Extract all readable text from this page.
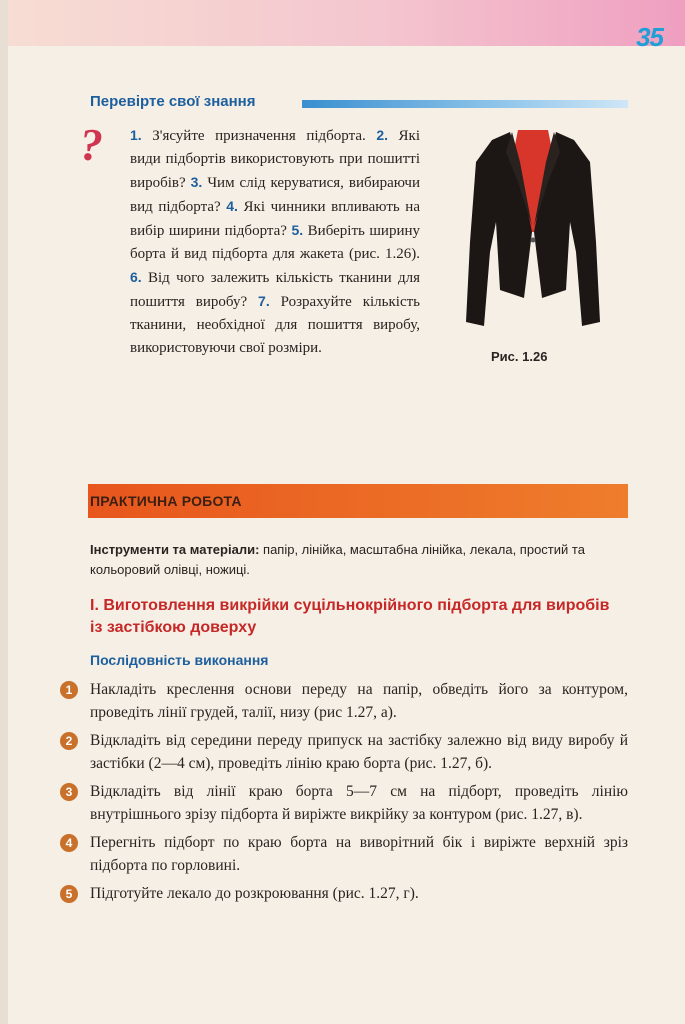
35
Перевірте свої знання
? 1. З'ясуйте призначення підборта. 2. Які види підбортів використовують при пошитті виробів? 3. Чим слід керуватися, вибираючи вид підборта? 4. Які чинники впливають на вибір ширини підборта? 5. Виберіть ширину борта й вид підборта для жакета (рис. 1.26). 6. Від чого залежить кількість тканини для пошиття виробу? 7. Розрахуйте кількість тканини, необхідної для пошиття виробу, використовуючи свої розміри.
Рис. 1.26
ПРАКТИЧНА РОБОТА
Інструменти та матеріали: папір, лінійка, масштабна лінійка, лекала, простий та кольоровий олівці, ножиці.
I. Виготовлення викрійки суцільнокрійного підборта для виробів із застібкою доверху
Послідовність виконання
1	Накладіть креслення основи переду на папір, обведіть його за контуром, проведіть лінії грудей, талії, низу (рис 1.27, а).
2	Відкладіть від середини переду припуск на застібку залежно від виду виробу й застібки (2—4 см), проведіть лінію краю борта (рис. 1.27, б).
3	Відкладіть від лінії краю борта 5—7 см на підборт, проведіть лінію внутрішнього зрізу підборта й виріжте викрійку за контуром (рис. 1.27, в).
4	Перегніть підборт по краю борта на виворітний бік і виріжте верхній зріз підборта по горловині.
5	Підготуйте лекало до розкроювання (рис. 1.27, г).
